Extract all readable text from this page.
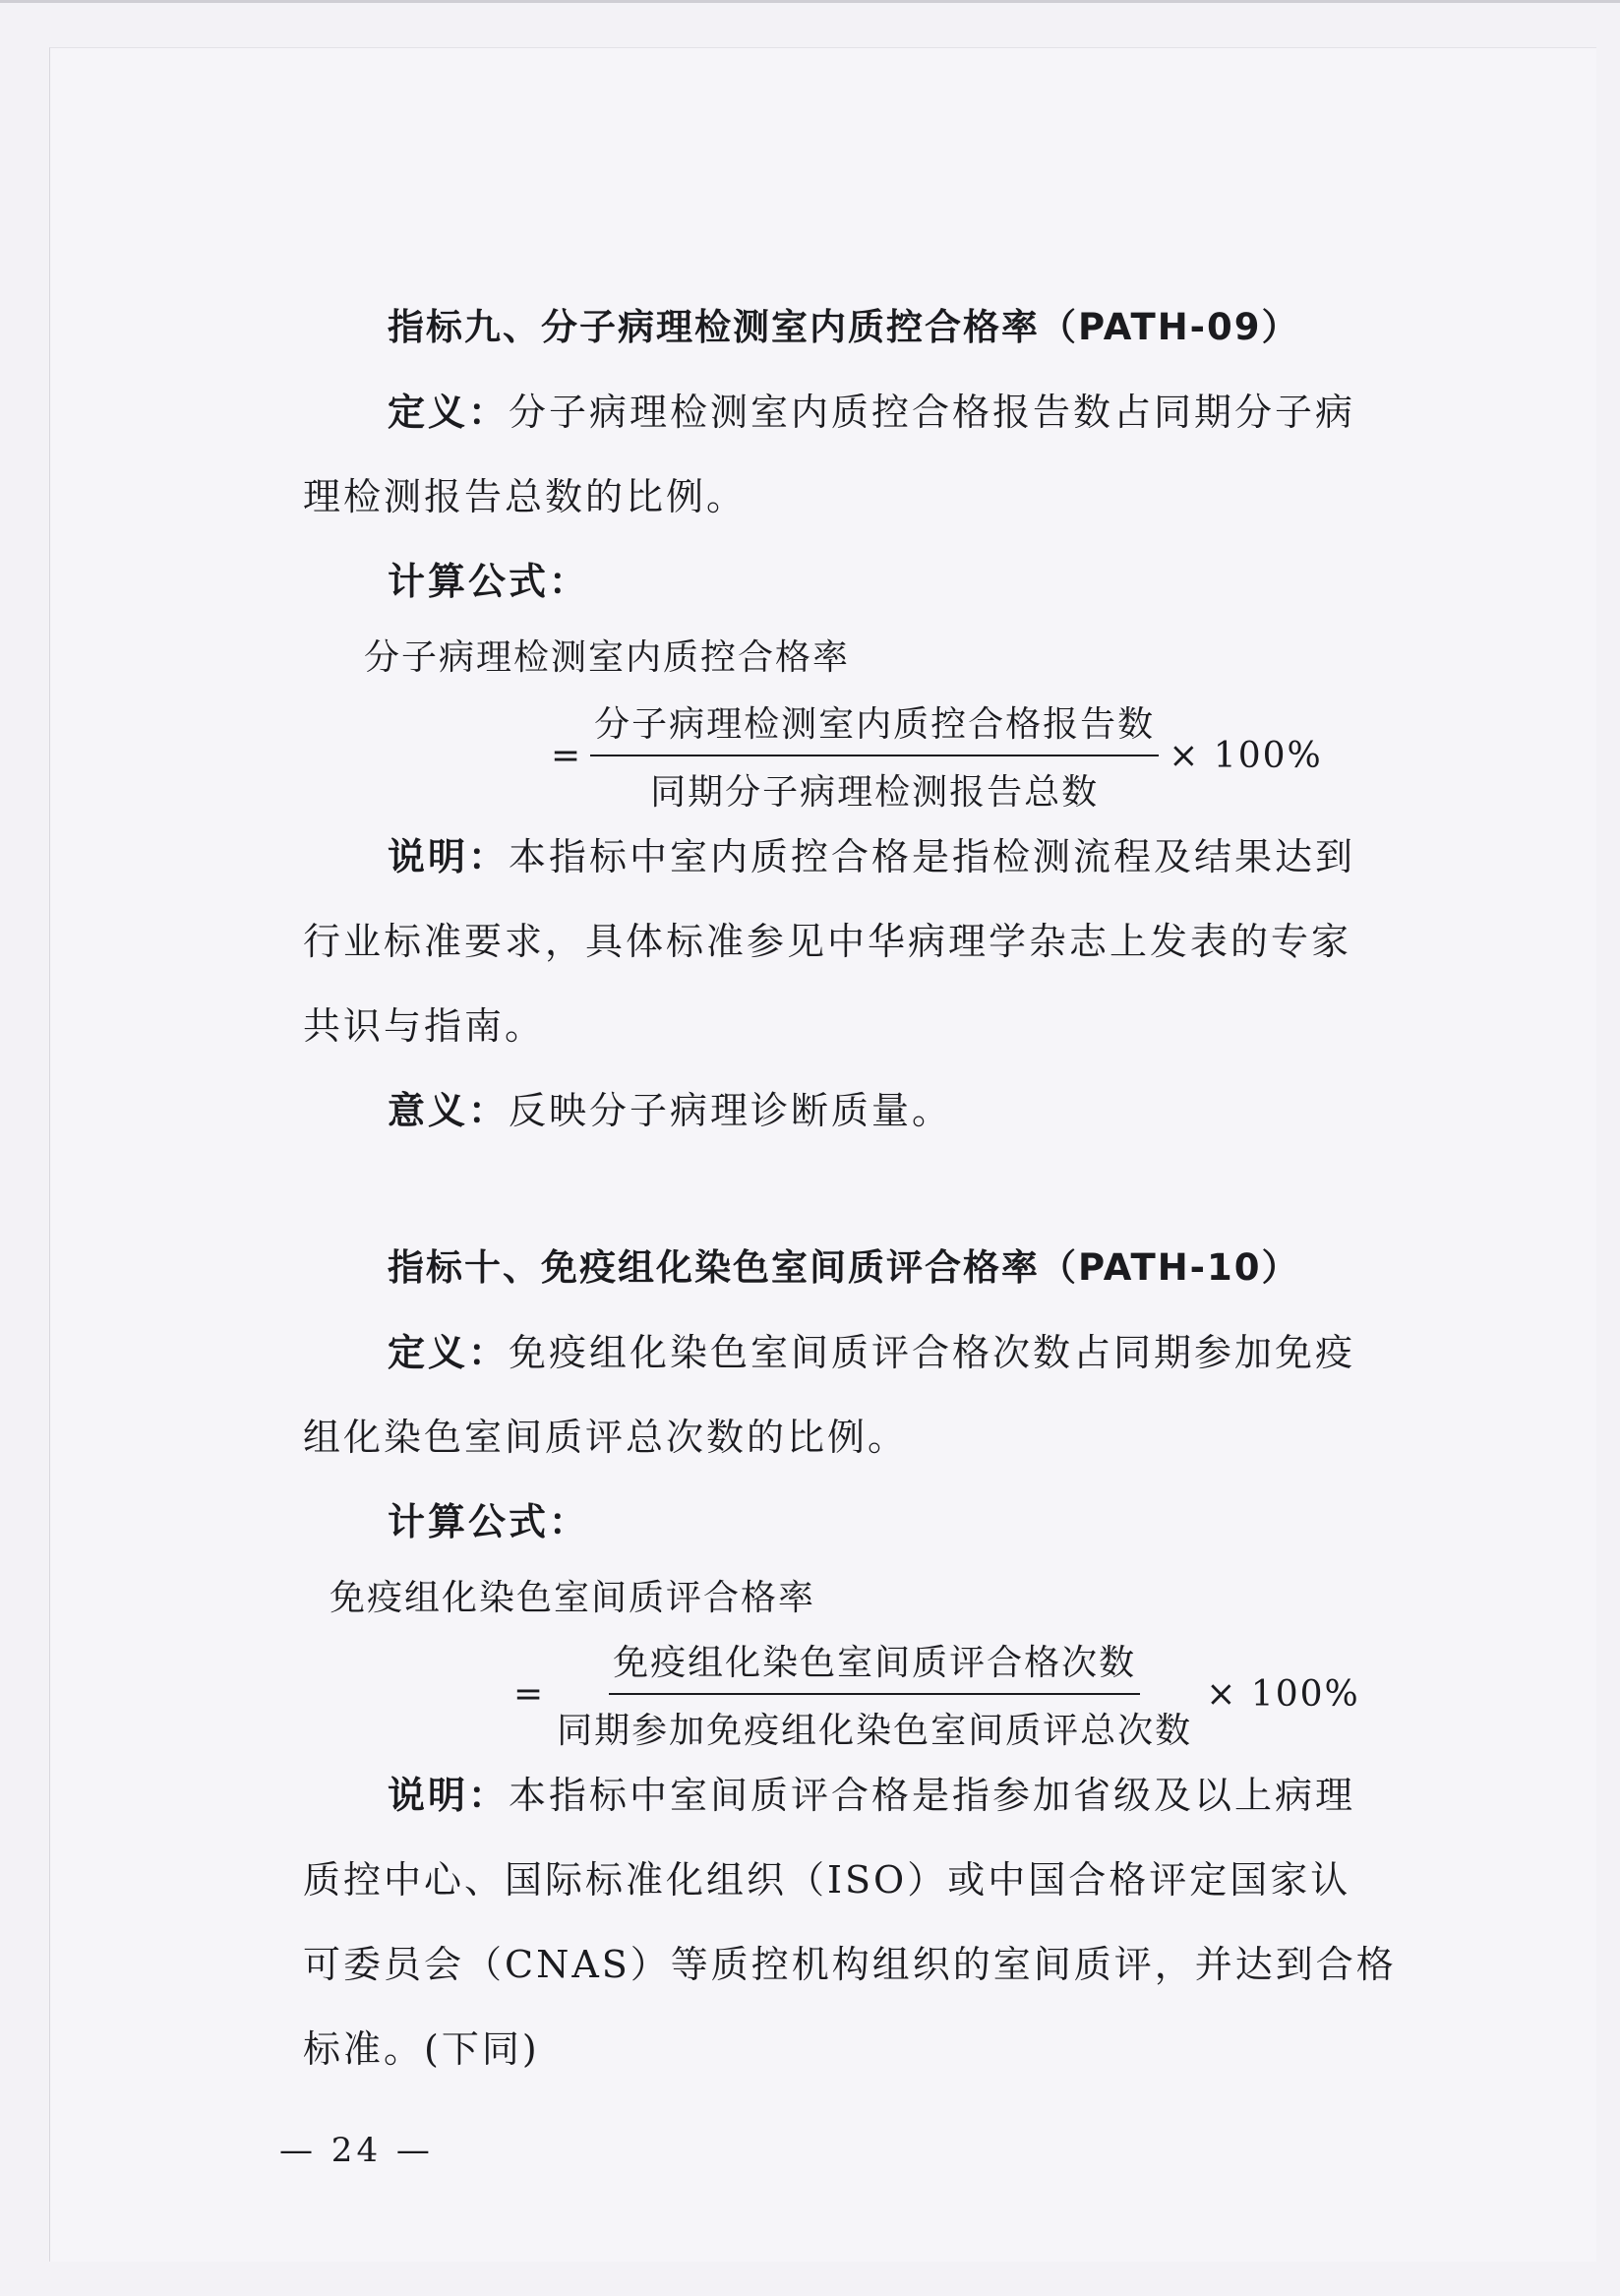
指标九、分子病理检测室内质控合格率（PATH-09）

定义：分子病理检测室内质控合格报告数占同期分子病

理检测报告总数的比例。

计算公式：

分子病理检测室内质控合格率
= $\frac{\text{分子病理检测室内质控合格报告数}}{\text{同期分子病理检测报告总数}} \times 100\%$

说明：本指标中室内质控合格是指检测流程及结果达到

行业标准要求，具体标准参见中华病理学杂志上发表的专家

共识与指南。

意义：反映分子病理诊断质量。

指标十、免疫组化染色室间质评合格率（PATH-10）

定义：免疫组化染色室间质评合格次数占同期参加免疫

组化染色室间质评总次数的比例。

计算公式：

免疫组化染色室间质评合格率
= $\frac{\text{免疫组化染色室间质评合格次数}}{\text{同期参加免疫组化染色室间质评总次数}} \times 100\%$

说明：本指标中室间质评合格是指参加省级及以上病理

质控中心、国际标准化组织（ISO）或中国合格评定国家认

可委员会（CNAS）等质控机构组织的室间质评，并达到合格

标准。(下同)

— 24 —
